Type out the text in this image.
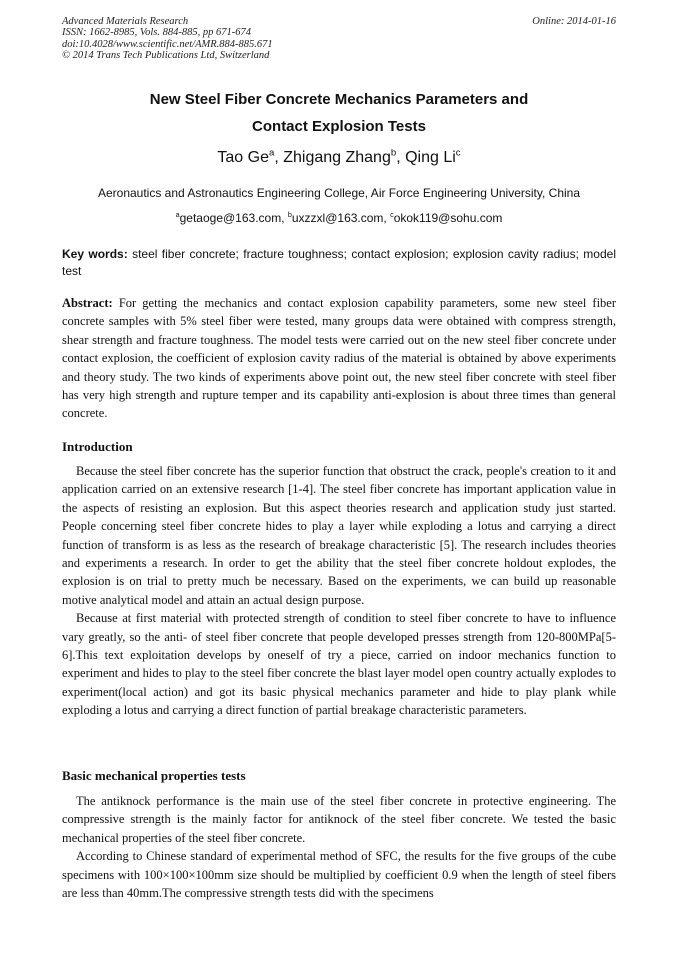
Advanced Materials Research
ISSN: 1662-8985, Vols. 884-885, pp 671-674
doi:10.4028/www.scientific.net/AMR.884-885.671
© 2014 Trans Tech Publications Ltd, Switzerland
Online: 2014-01-16
New Steel Fiber Concrete Mechanics Parameters and
Contact Explosion Tests
Tao Ge$^a$, Zhigang Zhang$^b$, Qing Li$^c$
Aeronautics and Astronautics Engineering College, Air Force Engineering University, China
$^a$getaoge@163.com, $^b$uxzzxl@163.com, $^c$okok119@sohu.com
Key words: steel fiber concrete; fracture toughness; contact explosion; explosion cavity radius; model test
Abstract: For getting the mechanics and contact explosion capability parameters, some new steel fiber concrete samples with 5% steel fiber were tested, many groups data were obtained with compress strength, shear strength and fracture toughness. The model tests were carried out on the new steel fiber concrete under contact explosion, the coefficient of explosion cavity radius of the material is obtained by above experiments and theory study. The two kinds of experiments above point out, the new steel fiber concrete with steel fiber has very high strength and rupture temper and its capability anti-explosion is about three times than general concrete.
Introduction
Because the steel fiber concrete has the superior function that obstruct the crack, people's creation to it and application carried on an extensive research [1-4]. The steel fiber concrete has important application value in the aspects of resisting an explosion. But this aspect theories research and application study just started. People concerning steel fiber concrete hides to play a layer while exploding a lotus and carrying a direct function of transform is as less as the research of breakage characteristic [5]. The research includes theories and experiments a research. In order to get the ability that the steel fiber concrete holdout explodes, the explosion is on trial to pretty much be necessary. Based on the experiments, we can build up reasonable motive analytical model and attain an actual design purpose.
Because at first material with protected strength of condition to steel fiber concrete to have to influence vary greatly, so the anti- of steel fiber concrete that people developed presses strength from 120-800MPa[5-6].This text exploitation develops by oneself of try a piece, carried on indoor mechanics function to experiment and hides to play to the steel fiber concrete the blast layer model open country actually explodes to experiment(local action) and got its basic physical mechanics parameter and hide to play plank while exploding a lotus and carrying a direct function of partial breakage characteristic parameters.
Basic mechanical properties tests
The antiknock performance is the main use of the steel fiber concrete in protective engineering. The compressive strength is the mainly factor for antiknock of the steel fiber concrete. We tested the basic mechanical properties of the steel fiber concrete.
According to Chinese standard of experimental method of SFC, the results for the five groups of the cube specimens with 100×100×100mm size should be multiplied by coefficient 0.9 when the length of steel fibers are less than 40mm.The compressive strength tests did with the specimens
